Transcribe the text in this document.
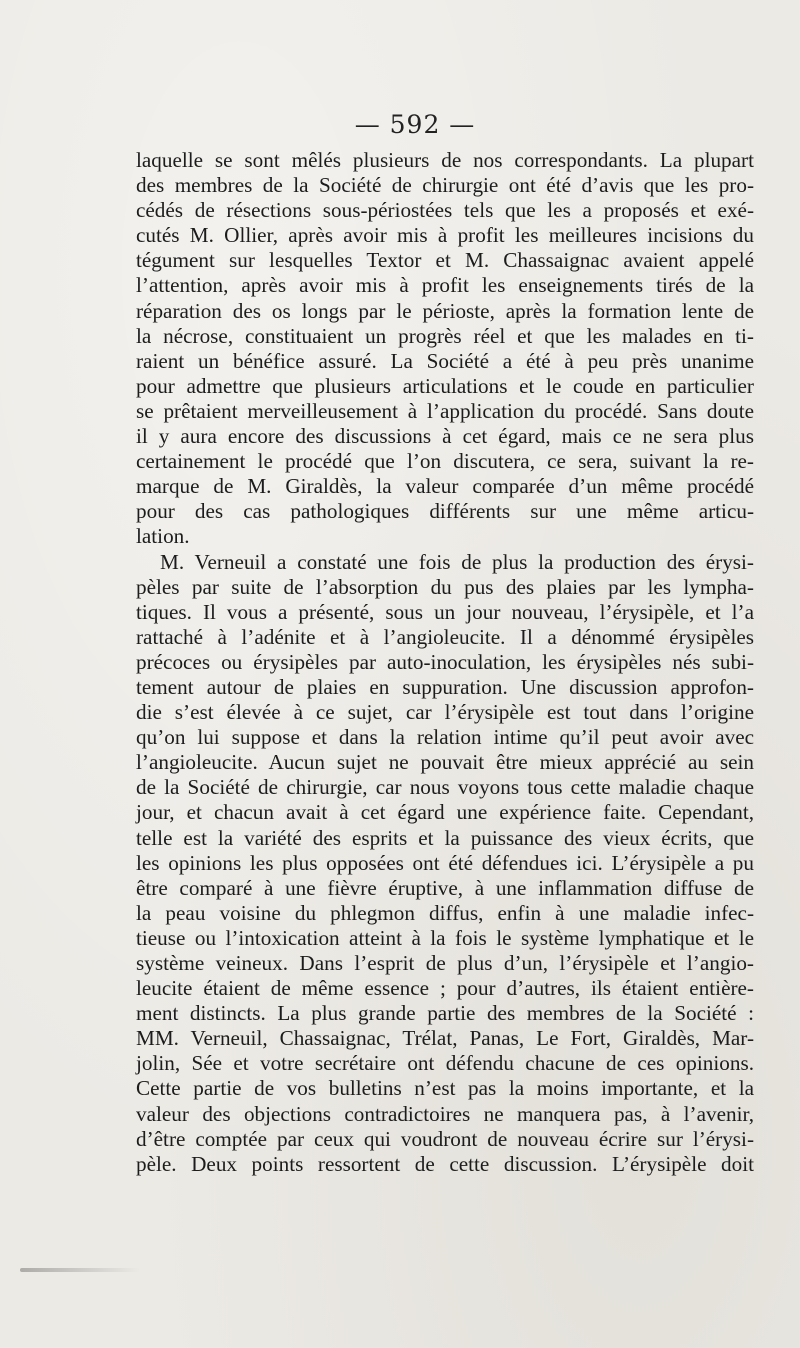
— 592 —
laquelle se sont mêlés plusieurs de nos correspondants. La plupart
des membres de la Société de chirurgie ont été d’avis que les pro-
cédés de résections sous-périostées tels que les a proposés et exé-
cutés M. Ollier, après avoir mis à profit les meilleures incisions du
tégument sur lesquelles Textor et M. Chassaignac avaient appelé
l’attention, après avoir mis à profit les enseignements tirés de la
réparation des os longs par le périoste, après la formation lente de
la nécrose, constituaient un progrès réel et que les malades en ti-
raient un bénéfice assuré. La Société a été à peu près unanime
pour admettre que plusieurs articulations et le coude en particulier
se prêtaient merveilleusement à l’application du procédé. Sans doute
il y aura encore des discussions à cet égard, mais ce ne sera plus
certainement le procédé que l’on discutera, ce sera, suivant la re-
marque de M. Giraldès, la valeur comparée d’un même procédé
pour des cas pathologiques différents sur une même articu-
lation.
M. Verneuil a constaté une fois de plus la production des érysi-
pèles par suite de l’absorption du pus des plaies par les lympha-
tiques. Il vous a présenté, sous un jour nouveau, l’érysipèle, et l’a
rattaché à l’adénite et à l’angioleucite. Il a dénommé érysipèles
précoces ou érysipèles par auto-inoculation, les érysipèles nés subi-
tement autour de plaies en suppuration. Une discussion approfon-
die s’est élevée à ce sujet, car l’érysipèle est tout dans l’origine
qu’on lui suppose et dans la relation intime qu’il peut avoir avec
l’angioleucite. Aucun sujet ne pouvait être mieux apprécié au sein
de la Société de chirurgie, car nous voyons tous cette maladie chaque
jour, et chacun avait à cet égard une expérience faite. Cependant,
telle est la variété des esprits et la puissance des vieux écrits, que
les opinions les plus opposées ont été défendues ici. L’érysipèle a pu
être comparé à une fièvre éruptive, à une inflammation diffuse de
la peau voisine du phlegmon diffus, enfin à une maladie infec-
tieuse ou l’intoxication atteint à la fois le système lymphatique et le
système veineux. Dans l’esprit de plus d’un, l’érysipèle et l’angio-
leucite étaient de même essence ; pour d’autres, ils étaient entière-
ment distincts. La plus grande partie des membres de la Société :
MM. Verneuil, Chassaignac, Trélat, Panas, Le Fort, Giraldès, Mar-
jolin, Sée et votre secrétaire ont défendu chacune de ces opinions.
Cette partie de vos bulletins n’est pas la moins importante, et la
valeur des objections contradictoires ne manquera pas, à l’avenir,
d’être comptée par ceux qui voudront de nouveau écrire sur l’érysi-
pèle. Deux points ressortent de cette discussion. L’érysipèle doit
